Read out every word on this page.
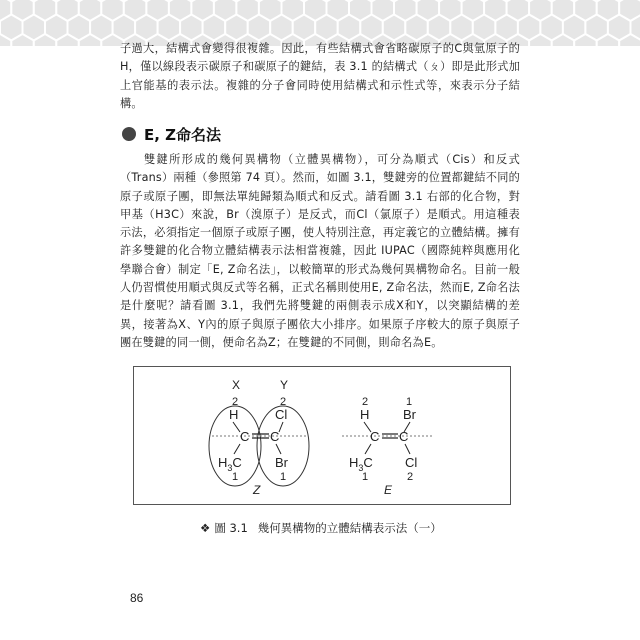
子過大，結構式會變得很複雜。因此，有些結構式會省略碳原子的C與氫原子的H，僅以線段表示碳原子和碳原子的鍵結，表 3.1 的結構式（ㄆ）即是此形式加上官能基的表示法。複雜的分子會同時使用結構式和示性式等，來表示分子結構。

E, Z命名法

雙鍵所形成的幾何異構物（立體異構物），可分為順式（Cis）和反式（Trans）兩種（參照第 74 頁）。然而，如圖 3.1，雙鍵旁的位置都鍵結不同的原子或原子團，即無法單純歸類為順式和反式。請看圖 3.1 右部的化合物，對甲基（H3C）來說，Br（溴原子）是反式，而Cl（氯原子）是順式。用這種表示法，必須指定一個原子或原子團，使人特別注意，再定義它的立體結構。擁有許多雙鍵的化合物立體結構表示法相當複雜，因此 IUPAC（國際純粹與應用化學聯合會）制定「E, Z命名法」，以較簡單的形式為幾何異構物命名。目前一般人仍習慣使用順式與反式等名稱，正式名稱則使用E, Z命名法，然而E, Z命名法是什麼呢？請看圖 3.1，我們先將雙鍵的兩側表示成X和Y，以突顯結構的差異，接著為X、Y內的原子與原子團依大小排序。如果原子序較大的原子與原子團在雙鍵的同一側，便命名為Z；在雙鍵的不同側，則命名為E。

X	Y
2	2
H	Cl
C C
$H_3C$	Br
1	1
Z
2	1
H	Br
C C
$H_3C$ Cl
1	2
E
❖ 圖 3.1 幾何異構物的立體結構表示法（一）
86
